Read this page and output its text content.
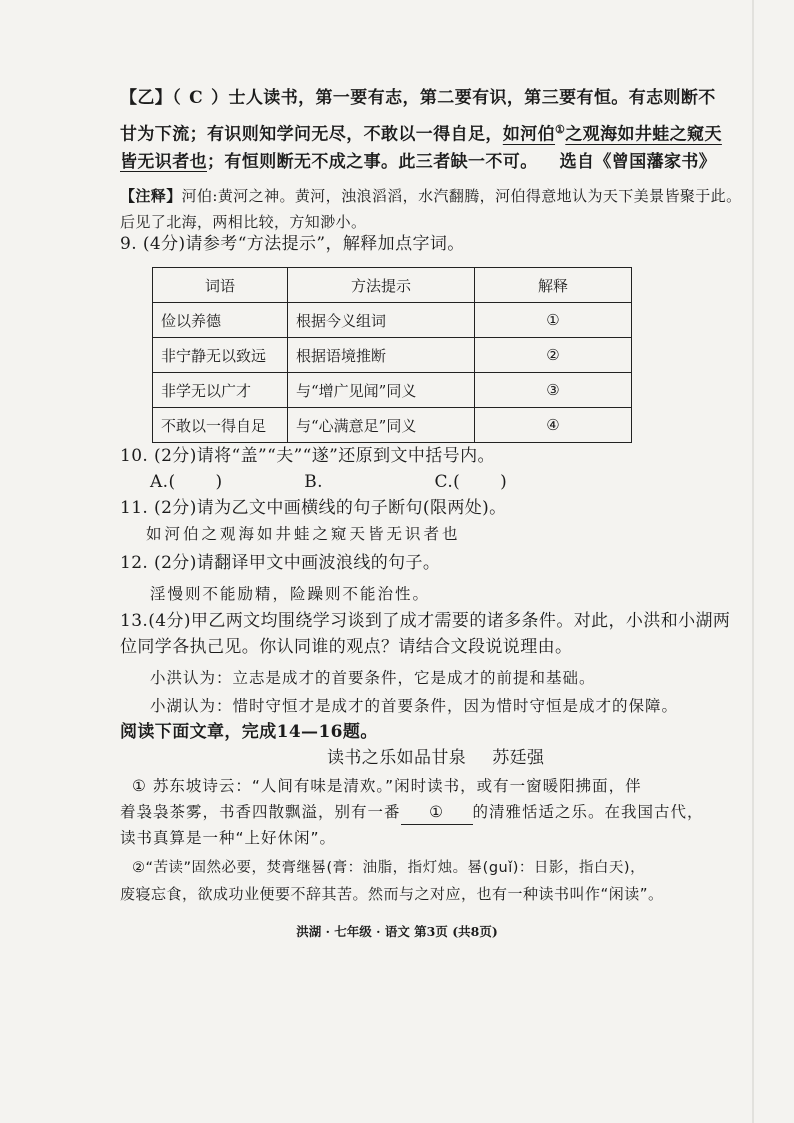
【乙】（ C ）士人读书，第一要有志，第二要有识，第三要有恒。有志则断不
甘为下流；有识则知学问无尽，不敢以一得自足，如河伯①之观海如井蛙之窥天
皆无识者也；有恒则断无不成之事。此三者缺一不可。 选自《曾国藩家书》
【注释】河伯:黄河之神。黄河，浊浪滔滔，水汽翻腾，河伯得意地认为天下美景皆聚于此。
后见了北海，两相比较，方知渺小。
9. (4分)请参考“方法提示”，解释加点字词。
词语	方法提示	解释
俭以养德	根据今义组词	①
非宁静无以致远	根据语境推断	②
非学无以广才	与“增广见闻”同义	③
不敢以一得自足	与“心满意足”同义	④
10. (2分)请将“盖”“夫”“遂”还原到文中括号内。
A.( )	B.	C.( )
11. (2分)请为乙文中画横线的句子断句(限两处)。
如河伯之观海如井蛙之窥天皆无识者也
12. (2分)请翻译甲文中画波浪线的句子。
淫慢则不能励精，险躁则不能治性。
13.(4分)甲乙两文均围绕学习谈到了成才需要的诸多条件。对此，小洪和小湖两
位同学各执己见。你认同谁的观点？请结合文段说说理由。
小洪认为：立志是成才的首要条件，它是成才的前提和基础。
小湖认为：惜时守恒才是成才的首要条件，因为惜时守恒是成才的保障。
阅读下面文章，完成14—16题。
读书之乐如品甘泉 苏廷强
① 苏东坡诗云：“人间有味是清欢。”闲时读书，或有一窗暖阳拂面，伴
着袅袅茶雾，书香四散飘溢，别有一番 ① 的清雅恬适之乐。在我国古代，
读书真算是一种“上好休闲”。
②“苦读”固然必要，焚膏继晷(膏：油脂，指灯烛。晷(guǐ)：日影，指白天)，
废寝忘食，欲成功业便要不辞其苦。然而与之对应，也有一种读书叫作“闲读”。
洪湖 · 七年级 · 语文 第3页 (共8页)
